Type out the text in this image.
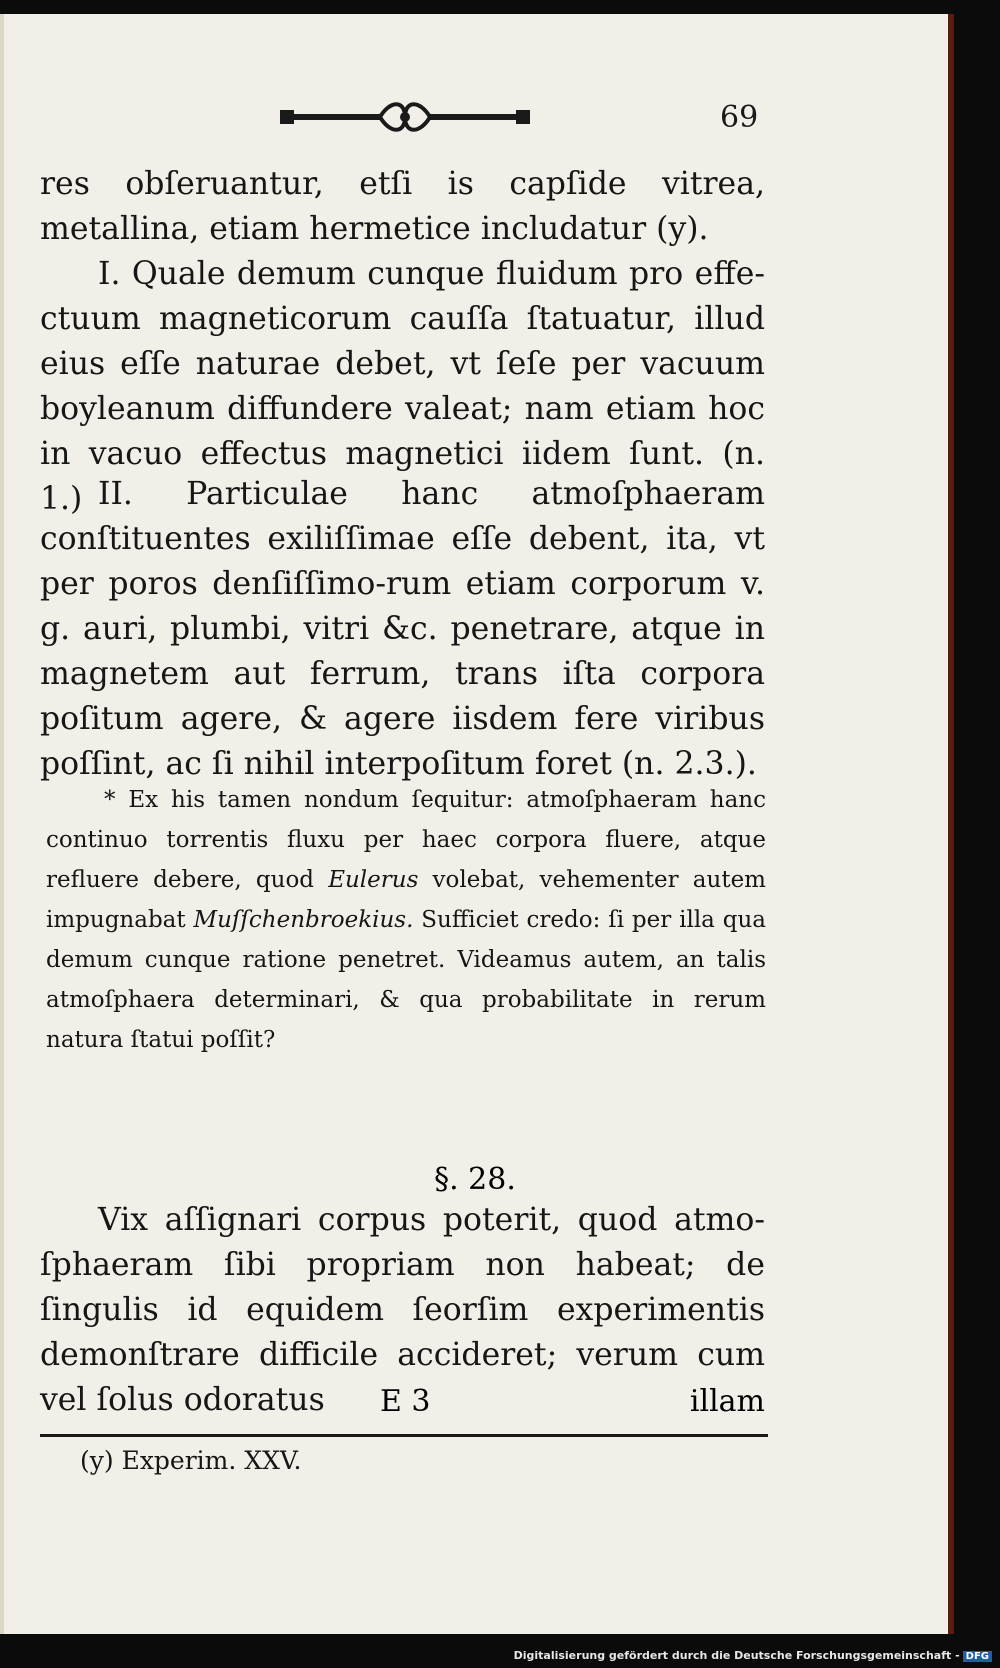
69

res obſeruantur, etſi is capſide vitrea, metallina, etiam hermetice includatur (y).

I. Quale demum cunque fluidum pro effe-ctuum magneticorum cauſſa ſtatuatur, illud eius eſſe naturae debet, vt ſeſe per vacuum boyleanum diffundere valeat; nam etiam hoc in vacuo effectus magnetici iidem ſunt. (n. 1.) II. Particulae hanc atmoſphaeram conſtituentes exiliſſimae eſſe debent, ita, vt per poros denſiſſimo-rum etiam corporum v. g. auri, plumbi, vitri &c. penetrare, atque in magnetem aut ferrum, trans iſta corpora poſitum agere, & agere iisdem fere viribus poſſint, ac ſi nihil interpoſitum foret (n. 2.3.).

* Ex his tamen nondum ſequitur: atmoſphaeram hanc continuo torrentis fluxu per haec corpora fluere, atque refluere debere, quod Eulerus volebat, vehementer autem impugnabat Muſſchenbroekius. Sufficiet credo: ſi per illa qua demum cunque ratione penetret. Videamus autem, an talis atmoſphaera determinari, & qua probabilitate in rerum natura ſtatui poſſit?

§. 28.

Vix aſſignari corpus poterit, quod atmo-ſphaeram ſibi propriam non habeat; de ſingulis id equidem ſeorſim experimentis demonſtrare difficile accideret; verum cum vel ſolus odoratus	E 3	illam
(y) Experim. XXV.
Digitalisierung gefördert durch die Deutsche Forschungsgemeinschaft - DFG
